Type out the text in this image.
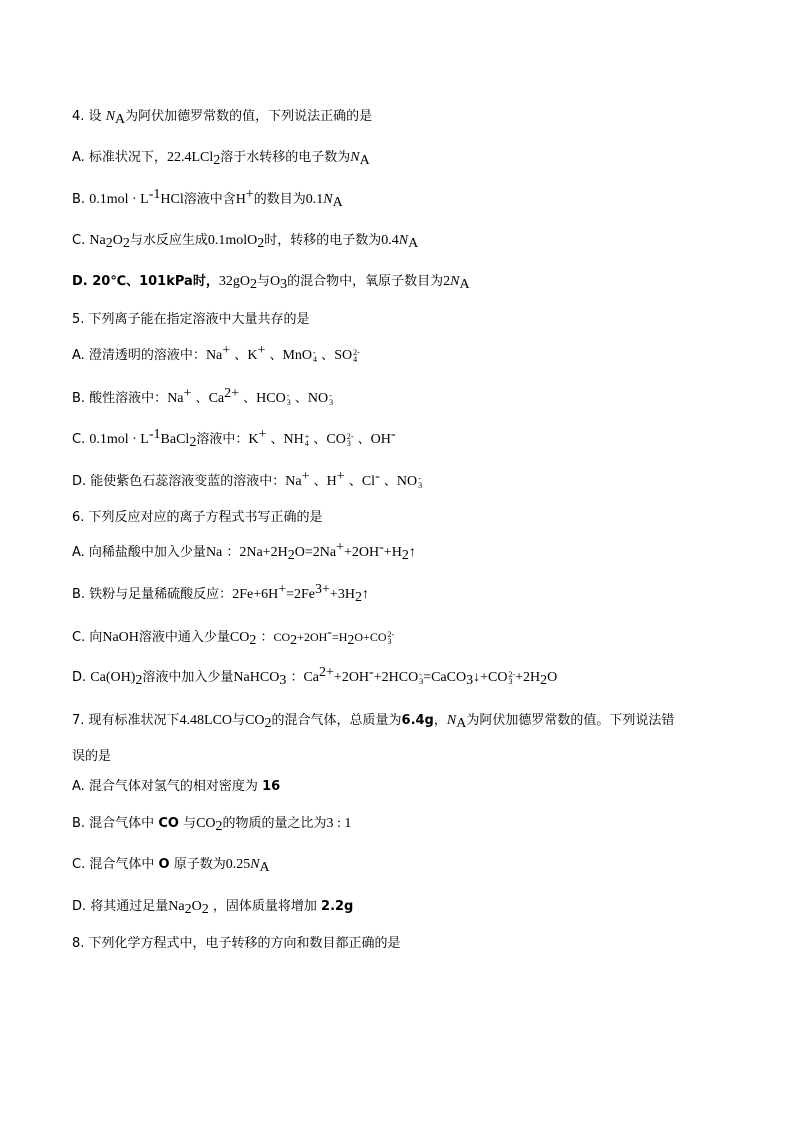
4. 设 $N_A$为阿伏加德罗常数的值，下列说法正确的是
A. 标准状况下，22.4LCl$_2$溶于水转移的电子数为$N_A$
B. $0.1mol \cdot L^{-1}HCl$溶液中含H+的数目为$0.1N_A$
C. $Na_2O_2$与水反应生成0.1molO$_2$时，转移的电子数为$0.4N_A$
D. 20℃、101kPa时，$32gO_2$与$O_3$的混合物中，氧原子数目为$2N_A$
5. 下列离子能在指定溶液中大量共存的是
A. 澄清透明的溶液中：Na+ 、K+ 、MnO -
4 、SO 2-
4
B. 酸性溶液中：Na+ 、$Ca^{2+}$ 、HCO -
3 、NO -
3
C. $0.1mol \cdot L^{-1}BaCl_2$溶液中：K+ 、NH +
4 、CO 2-
3 、OH-
D. 能使紫色石蕊溶液变蓝的溶液中：Na+ 、H+ 、Cl- 、NO -
3
6. 下列反应对应的离子方程式书写正确的是
A. 向稀盐酸中加入少量Na ：$2Na+2H_2O=2Na^++2OH^-+H_2↑$
B. 铁粉与足量稀硫酸反应：$2Fe+6H^+=2Fe^{3+}+3H_2↑$
C. 向NaOH溶液中通入少量$CO_2$ ：$CO_2+2OH^-=H_2O+CO$ 2-
3
D. $Ca(OH)_2$溶液中加入少量NaHCO$_3$ ：$Ca^{2+}+2OH^-+2HCO$ -
3 =CaCO$_3$↓+CO 2-
$3 +2H_2O$
7. 现有标准状况下4.48LCO与$CO_2$的混合气体，总质量为6.4g，$N_A$为阿伏加德罗常数的值。下列说法错
误的是
A. 混合气体对氢气的相对密度为 16
B. 混合气体中 CO 与$CO_2$的物质的量之比为3 : 1
C. 混合气体中 O 原子数为$0.25N_A$
D. 将其通过足量$Na_2O_2$ ，固体质量将增加 2.2g
8. 下列化学方程式中，电子转移的方向和数目都正确的是
